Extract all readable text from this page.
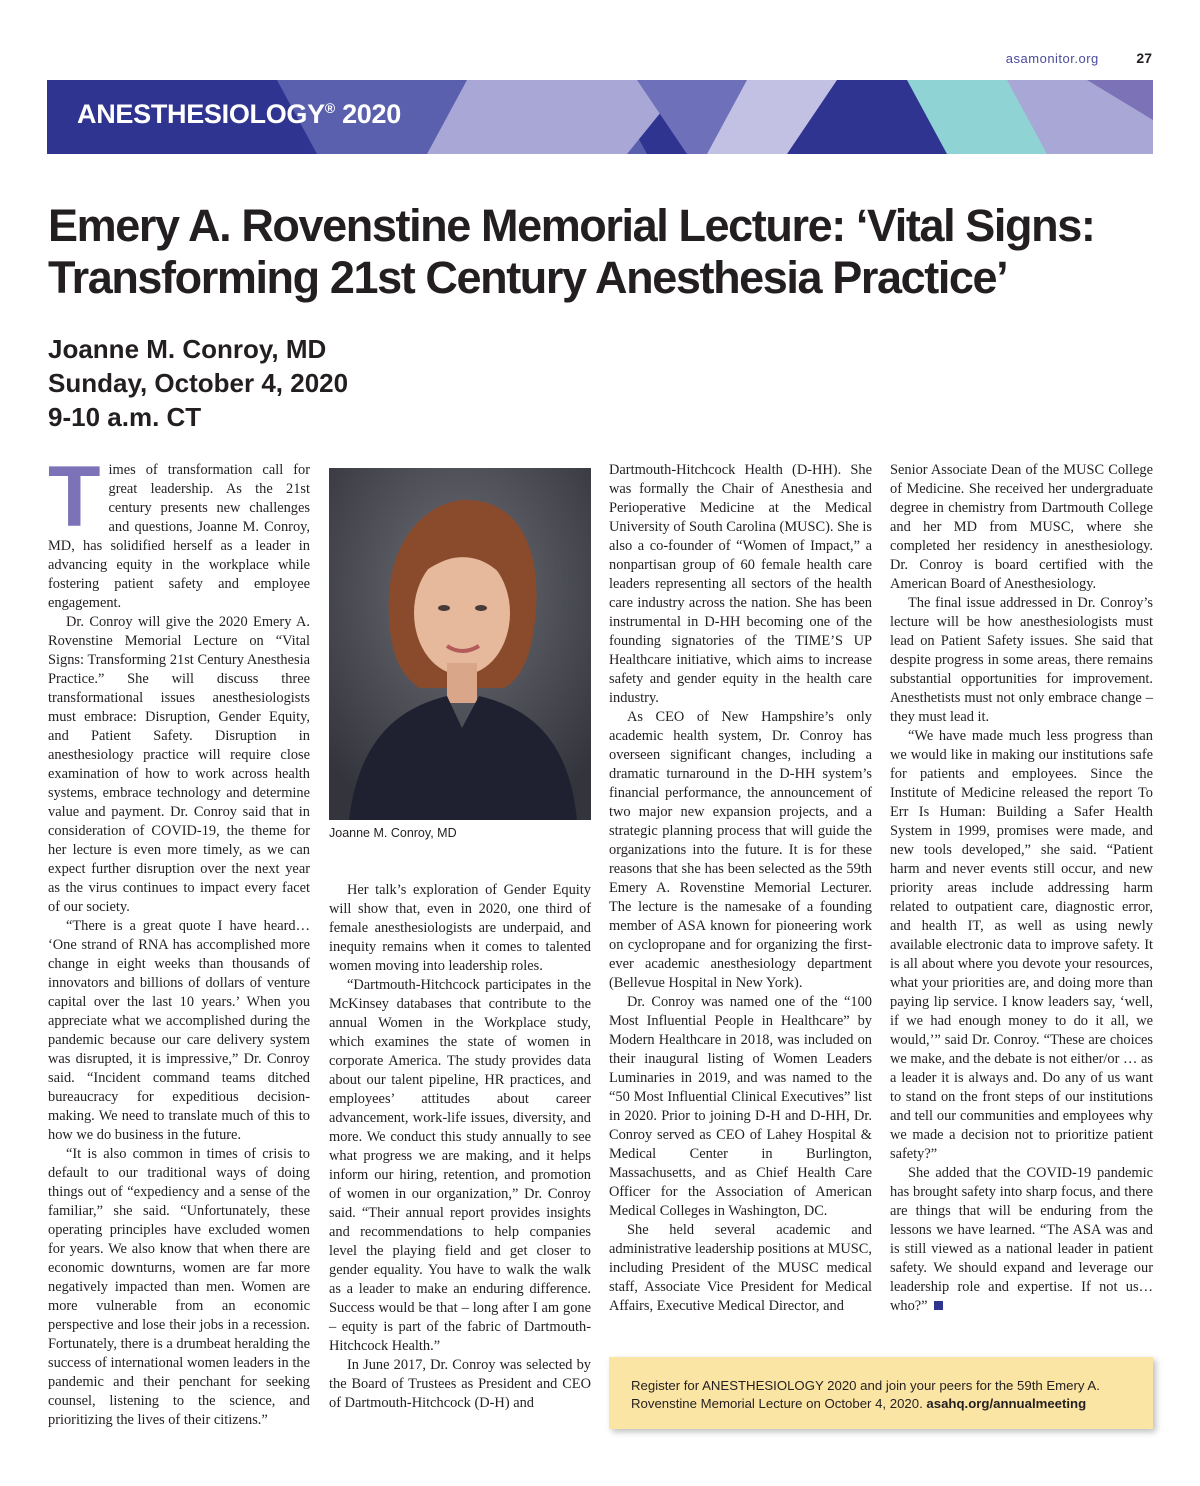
asamonitor.org	27
ANESTHESIOLOGY® 2020
Emery A. Rovenstine Memorial Lecture: ‘Vital Signs: Transforming 21st Century Anesthesia Practice’
Joanne M. Conroy, MD
Sunday, October 4, 2020
9-10 a.m. CT
T imes of transformation call for great leadership. As the 21st century presents new challenges and questions, Joanne M. Conroy, MD, has solidified herself as a leader in advancing equity in the workplace while fostering patient safety and employee engagement.

Dr. Conroy will give the 2020 Emery A. Rovenstine Memorial Lecture on “Vital Signs: Transforming 21st Century Anesthesia Practice.” She will discuss three transformational issues anesthesiologists must embrace: Disruption, Gender Equity, and Patient Safety. Disruption in anesthesiology practice will require close examination of how to work across health systems, embrace technology and determine value and payment. Dr. Conroy said that in consideration of COVID-19, the theme for her lecture is even more timely, as we can expect further disruption over the next year as the virus continues to impact every facet of our society.

“There is a great quote I have heard… ‘One strand of RNA has accomplished more change in eight weeks than thousands of innovators and billions of dollars of venture capital over the last 10 years.’ When you appreciate what we accomplished during the pandemic because our care delivery system was disrupted, it is impressive,” Dr. Conroy said. “Incident command teams ditched bureaucracy for expeditious decision-making. We need to translate much of this to how we do business in the future.

“It is also common in times of crisis to default to our traditional ways of doing things out of “expediency and a sense of the familiar,” she said. “Unfortunately, these operating principles have excluded women for years. We also know that when there are economic downturns, women are far more negatively impacted than men. Women are more vulnerable from an economic perspective and lose their jobs in a recession. Fortunately, there is a drumbeat heralding the success of international women leaders in the pandemic and their penchant for seeking counsel, listening to the science, and prioritizing the lives of their citizens.”

Joanne M. Conroy, MD

Her talk’s exploration of Gender Equity will show that, even in 2020, one third of female anesthesiologists are underpaid, and inequity remains when it comes to talented women moving into leadership roles.

“Dartmouth-Hitchcock participates in the McKinsey databases that contribute to the annual Women in the Workplace study, which examines the state of women in corporate America. The study provides data about our talent pipeline, HR practices, and employees’ attitudes about career advancement, work-life issues, diversity, and more. We conduct this study annually to see what progress we are making, and it helps inform our hiring, retention, and promotion of women in our organization,” Dr. Conroy said. “Their annual report provides insights and recommendations to help companies level the playing field and get closer to gender equality. You have to walk the walk as a leader to make an enduring difference. Success would be that – long after I am gone – equity is part of the fabric of Dartmouth-Hitchcock Health.”

In June 2017, Dr. Conroy was selected by the Board of Trustees as President and CEO of Dartmouth-Hitchcock (D-H) and

Dartmouth-Hitchcock Health (D-HH). She was formally the Chair of Anesthesia and Perioperative Medicine at the Medical University of South Carolina (MUSC). She is also a co-founder of “Women of Impact,” a nonpartisan group of 60 female health care leaders representing all sectors of the health care industry across the nation. She has been instrumental in D-HH becoming one of the founding signatories of the TIME’S UP Healthcare initiative, which aims to increase safety and gender equity in the health care industry.

As CEO of New Hampshire’s only academic health system, Dr. Conroy has overseen significant changes, including a dramatic turnaround in the D-HH system’s financial performance, the announcement of two major new expansion projects, and a strategic planning process that will guide the organizations into the future. It is for these reasons that she has been selected as the 59th Emery A. Rovenstine Memorial Lecturer. The lecture is the namesake of a founding member of ASA known for pioneering work on cyclopropane and for organizing the first-ever academic anesthesiology department (Bellevue Hospital in New York).

Dr. Conroy was named one of the “100 Most Influential People in Healthcare” by Modern Healthcare in 2018, was included on their inaugural listing of Women Leaders Luminaries in 2019, and was named to the “50 Most Influential Clinical Executives” list in 2020. Prior to joining D-H and D-HH, Dr. Conroy served as CEO of Lahey Hospital & Medical Center in Burlington, Massachusetts, and as Chief Health Care Officer for the Association of American Medical Colleges in Washington, DC.

She held several academic and administrative leadership positions at MUSC, including President of the MUSC medical staff, Associate Vice President for Medical Affairs, Executive Medical Director, and

Senior Associate Dean of the MUSC College of Medicine. She received her undergraduate degree in chemistry from Dartmouth College and her MD from MUSC, where she completed her residency in anesthesiology. Dr. Conroy is board certified with the American Board of Anesthesiology.

The final issue addressed in Dr. Conroy’s lecture will be how anesthesiologists must lead on Patient Safety issues. She said that despite progress in some areas, there remains substantial opportunities for improvement. Anesthetists must not only embrace change – they must lead it.

“We have made much less progress than we would like in making our institutions safe for patients and employees. Since the Institute of Medicine released the report To Err Is Human: Building a Safer Health System in 1999, promises were made, and new tools developed,” she said. “Patient harm and never events still occur, and new priority areas include addressing harm related to outpatient care, diagnostic error, and health IT, as well as using newly available electronic data to improve safety. It is all about where you devote your resources, what your priorities are, and doing more than paying lip service. I know leaders say, ‘well, if we had enough money to do it all, we would,’” said Dr. Conroy. “These are choices we make, and the debate is not either/or … as a leader it is always and. Do any of us want to stand on the front steps of our institutions and tell our communities and employees why we made a decision not to prioritize patient safety?”

She added that the COVID-19 pandemic has brought safety into sharp focus, and there are things that will be enduring from the lessons we have learned. “The ASA was and is still viewed as a national leader in patient safety. We should expand and leverage our leadership role and expertise. If not us…who?”

Register for ANESTHESIOLOGY 2020 and join your peers for the 59th Emery A. Rovenstine Memorial Lecture on October 4, 2020. asahq.org/annualmeeting
